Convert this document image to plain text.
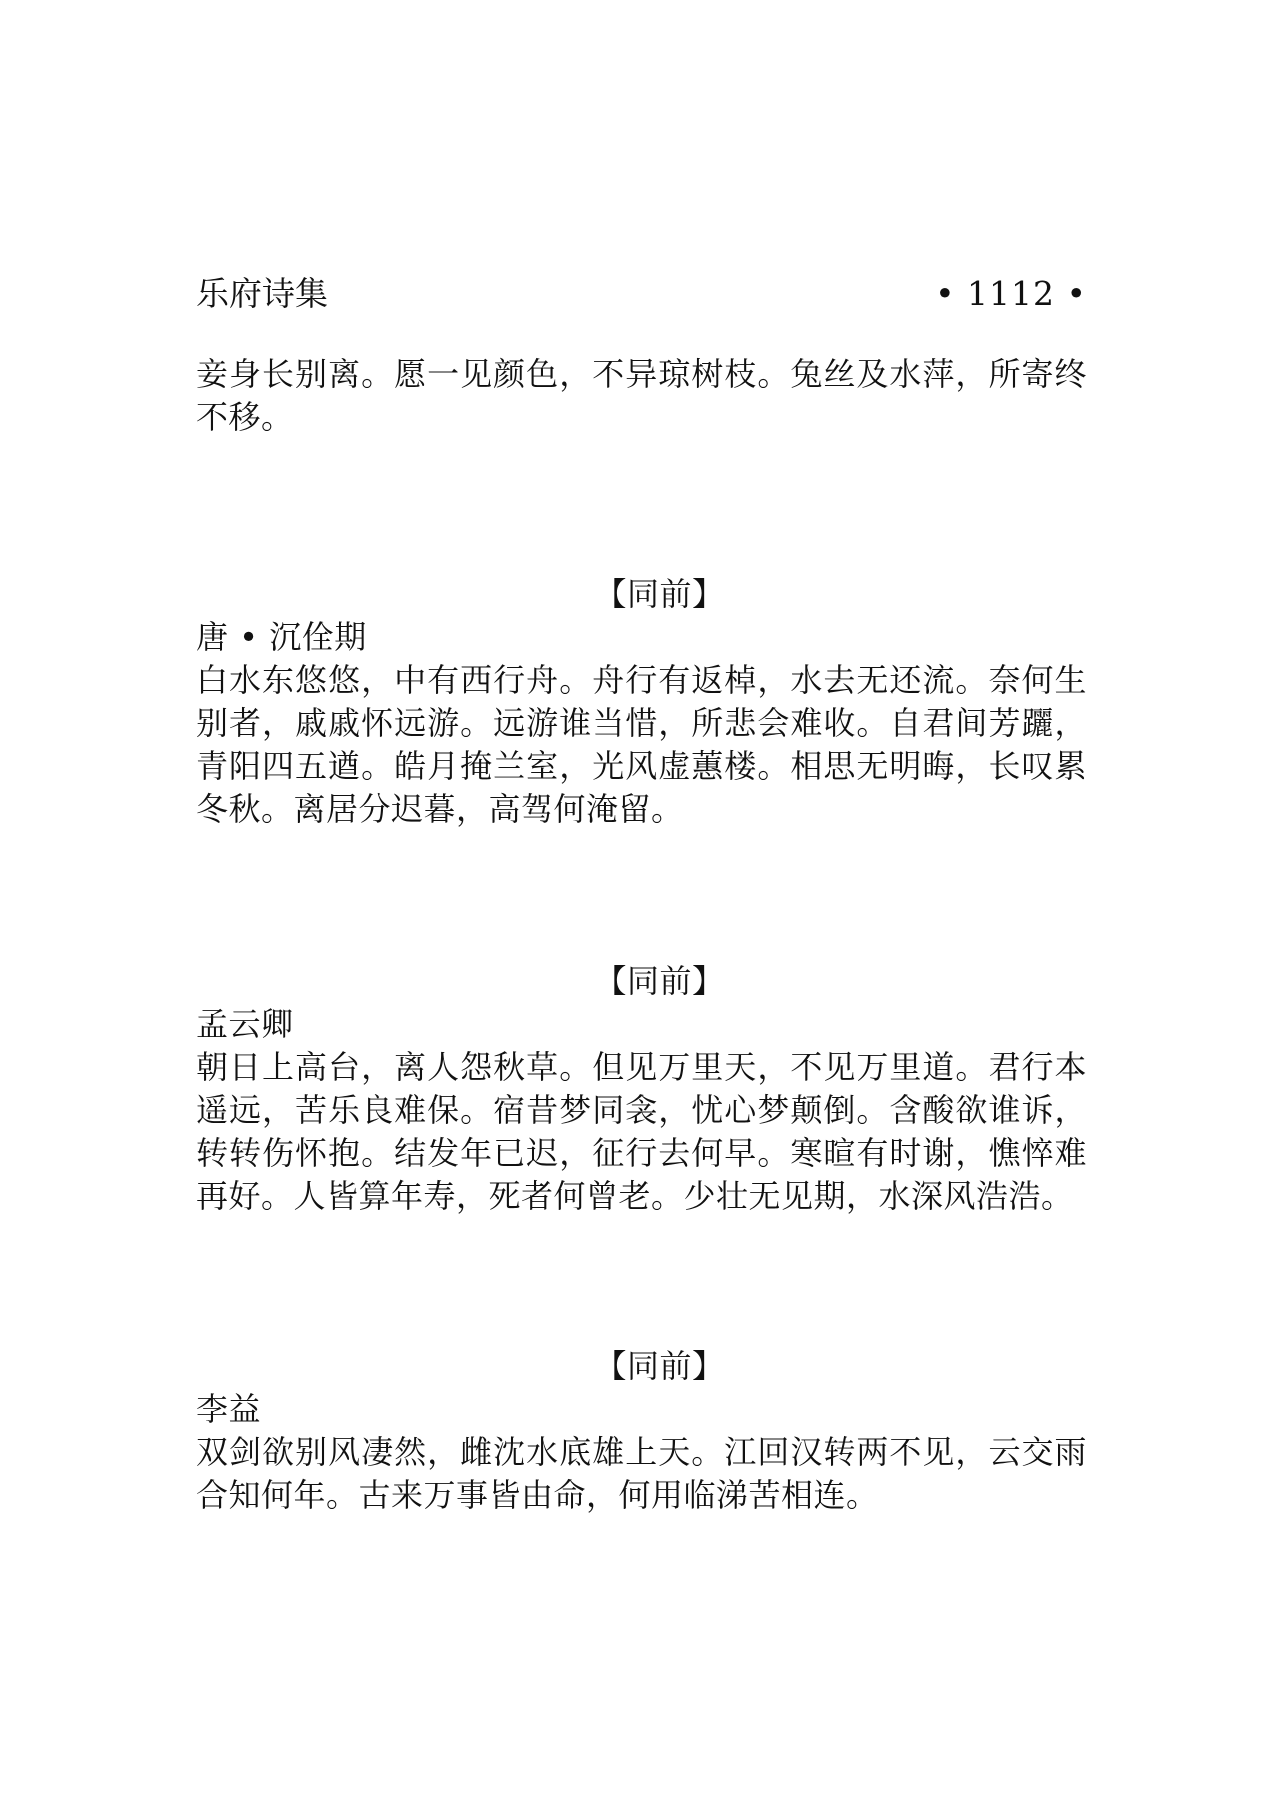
乐府诗集	• 1112 •
妾身长别离。愿一见颜色，不异琼树枝。兔丝及水萍，所寄终不移。
【同前】
唐 • 沉佺期
白水东悠悠，中有西行舟。舟行有返棹，水去无还流。奈何生别者，戚戚怀远游。远游谁当惜，所悲会难收。自君间芳躧，青阳四五遒。皓月掩兰室，光风虚蕙楼。相思无明晦，长叹累冬秋。离居分迟暮，高驾何淹留。
【同前】
孟云卿
朝日上高台，离人怨秋草。但见万里天，不见万里道。君行本遥远，苦乐良难保。宿昔梦同衾，忧心梦颠倒。含酸欲谁诉，转转伤怀抱。结发年已迟，征行去何早。寒暄有时谢，憔悴难再好。人皆算年寿，死者何曾老。少壮无见期，水深风浩浩。
【同前】
李益
双剑欲别风凄然，雌沈水底雄上天。江回汉转两不见，云交雨合知何年。古来万事皆由命，何用临涕苦相连。
